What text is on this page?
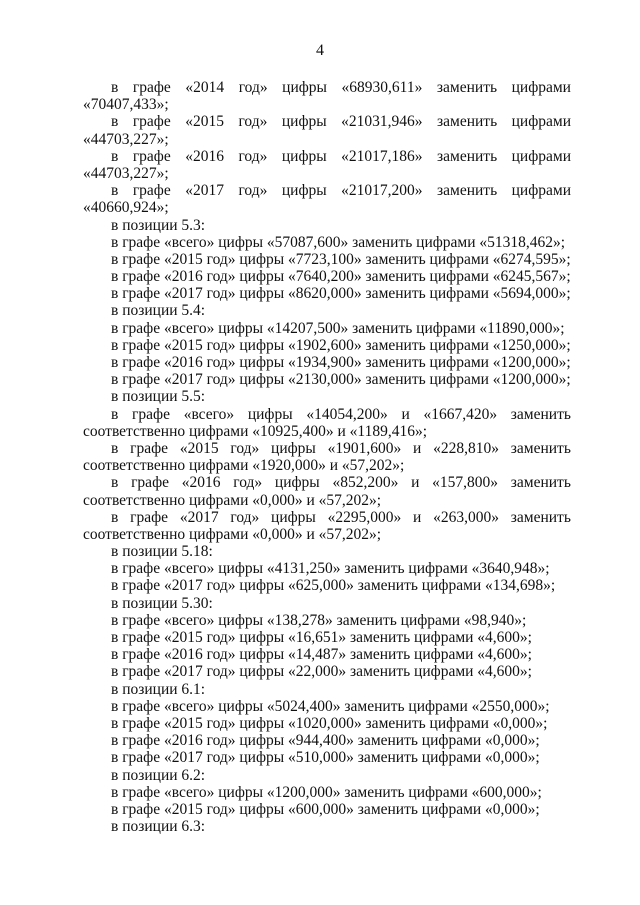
4
в графе «2014 год» цифры «68930,611» заменить цифрами
«70407,433»;
в графе «2015 год» цифры «21031,946» заменить цифрами
«44703,227»;
в графе «2016 год» цифры «21017,186» заменить цифрами
«44703,227»;
в графе «2017 год» цифры «21017,200» заменить цифрами
«40660,924»;
в позиции 5.3:
в графе «всего» цифры «57087,600» заменить цифрами «51318,462»;
в графе «2015 год» цифры «7723,100» заменить цифрами «6274,595»;
в графе «2016 год» цифры «7640,200» заменить цифрами «6245,567»;
в графе «2017 год» цифры «8620,000» заменить цифрами «5694,000»;
в позиции 5.4:
в графе «всего» цифры «14207,500» заменить цифрами «11890,000»;
в графе «2015 год» цифры «1902,600» заменить цифрами «1250,000»;
в графе «2016 год» цифры «1934,900» заменить цифрами «1200,000»;
в графе «2017 год» цифры «2130,000» заменить цифрами «1200,000»;
в позиции 5.5:
в графе «всего» цифры «14054,200» и «1667,420» заменить
соответственно цифрами «10925,400» и «1189,416»;
в графе «2015 год» цифры «1901,600» и «228,810» заменить
соответственно цифрами «1920,000» и «57,202»;
в графе «2016 год» цифры «852,200» и «157,800» заменить
соответственно цифрами «0,000» и «57,202»;
в графе «2017 год» цифры «2295,000» и «263,000» заменить
соответственно цифрами «0,000» и «57,202»;
в позиции 5.18:
в графе «всего» цифры «4131,250» заменить цифрами «3640,948»;
в графе «2017 год» цифры «625,000» заменить цифрами «134,698»;
в позиции 5.30:
в графе «всего» цифры «138,278» заменить цифрами «98,940»;
в графе «2015 год» цифры «16,651» заменить цифрами «4,600»;
в графе «2016 год» цифры «14,487» заменить цифрами «4,600»;
в графе «2017 год» цифры «22,000» заменить цифрами «4,600»;
в позиции 6.1:
в графе «всего» цифры «5024,400» заменить цифрами «2550,000»;
в графе «2015 год» цифры «1020,000» заменить цифрами «0,000»;
в графе «2016 год» цифры «944,400» заменить цифрами «0,000»;
в графе «2017 год» цифры «510,000» заменить цифрами «0,000»;
в позиции 6.2:
в графе «всего» цифры «1200,000» заменить цифрами «600,000»;
в графе «2015 год» цифры «600,000» заменить цифрами «0,000»;
в позиции 6.3:
